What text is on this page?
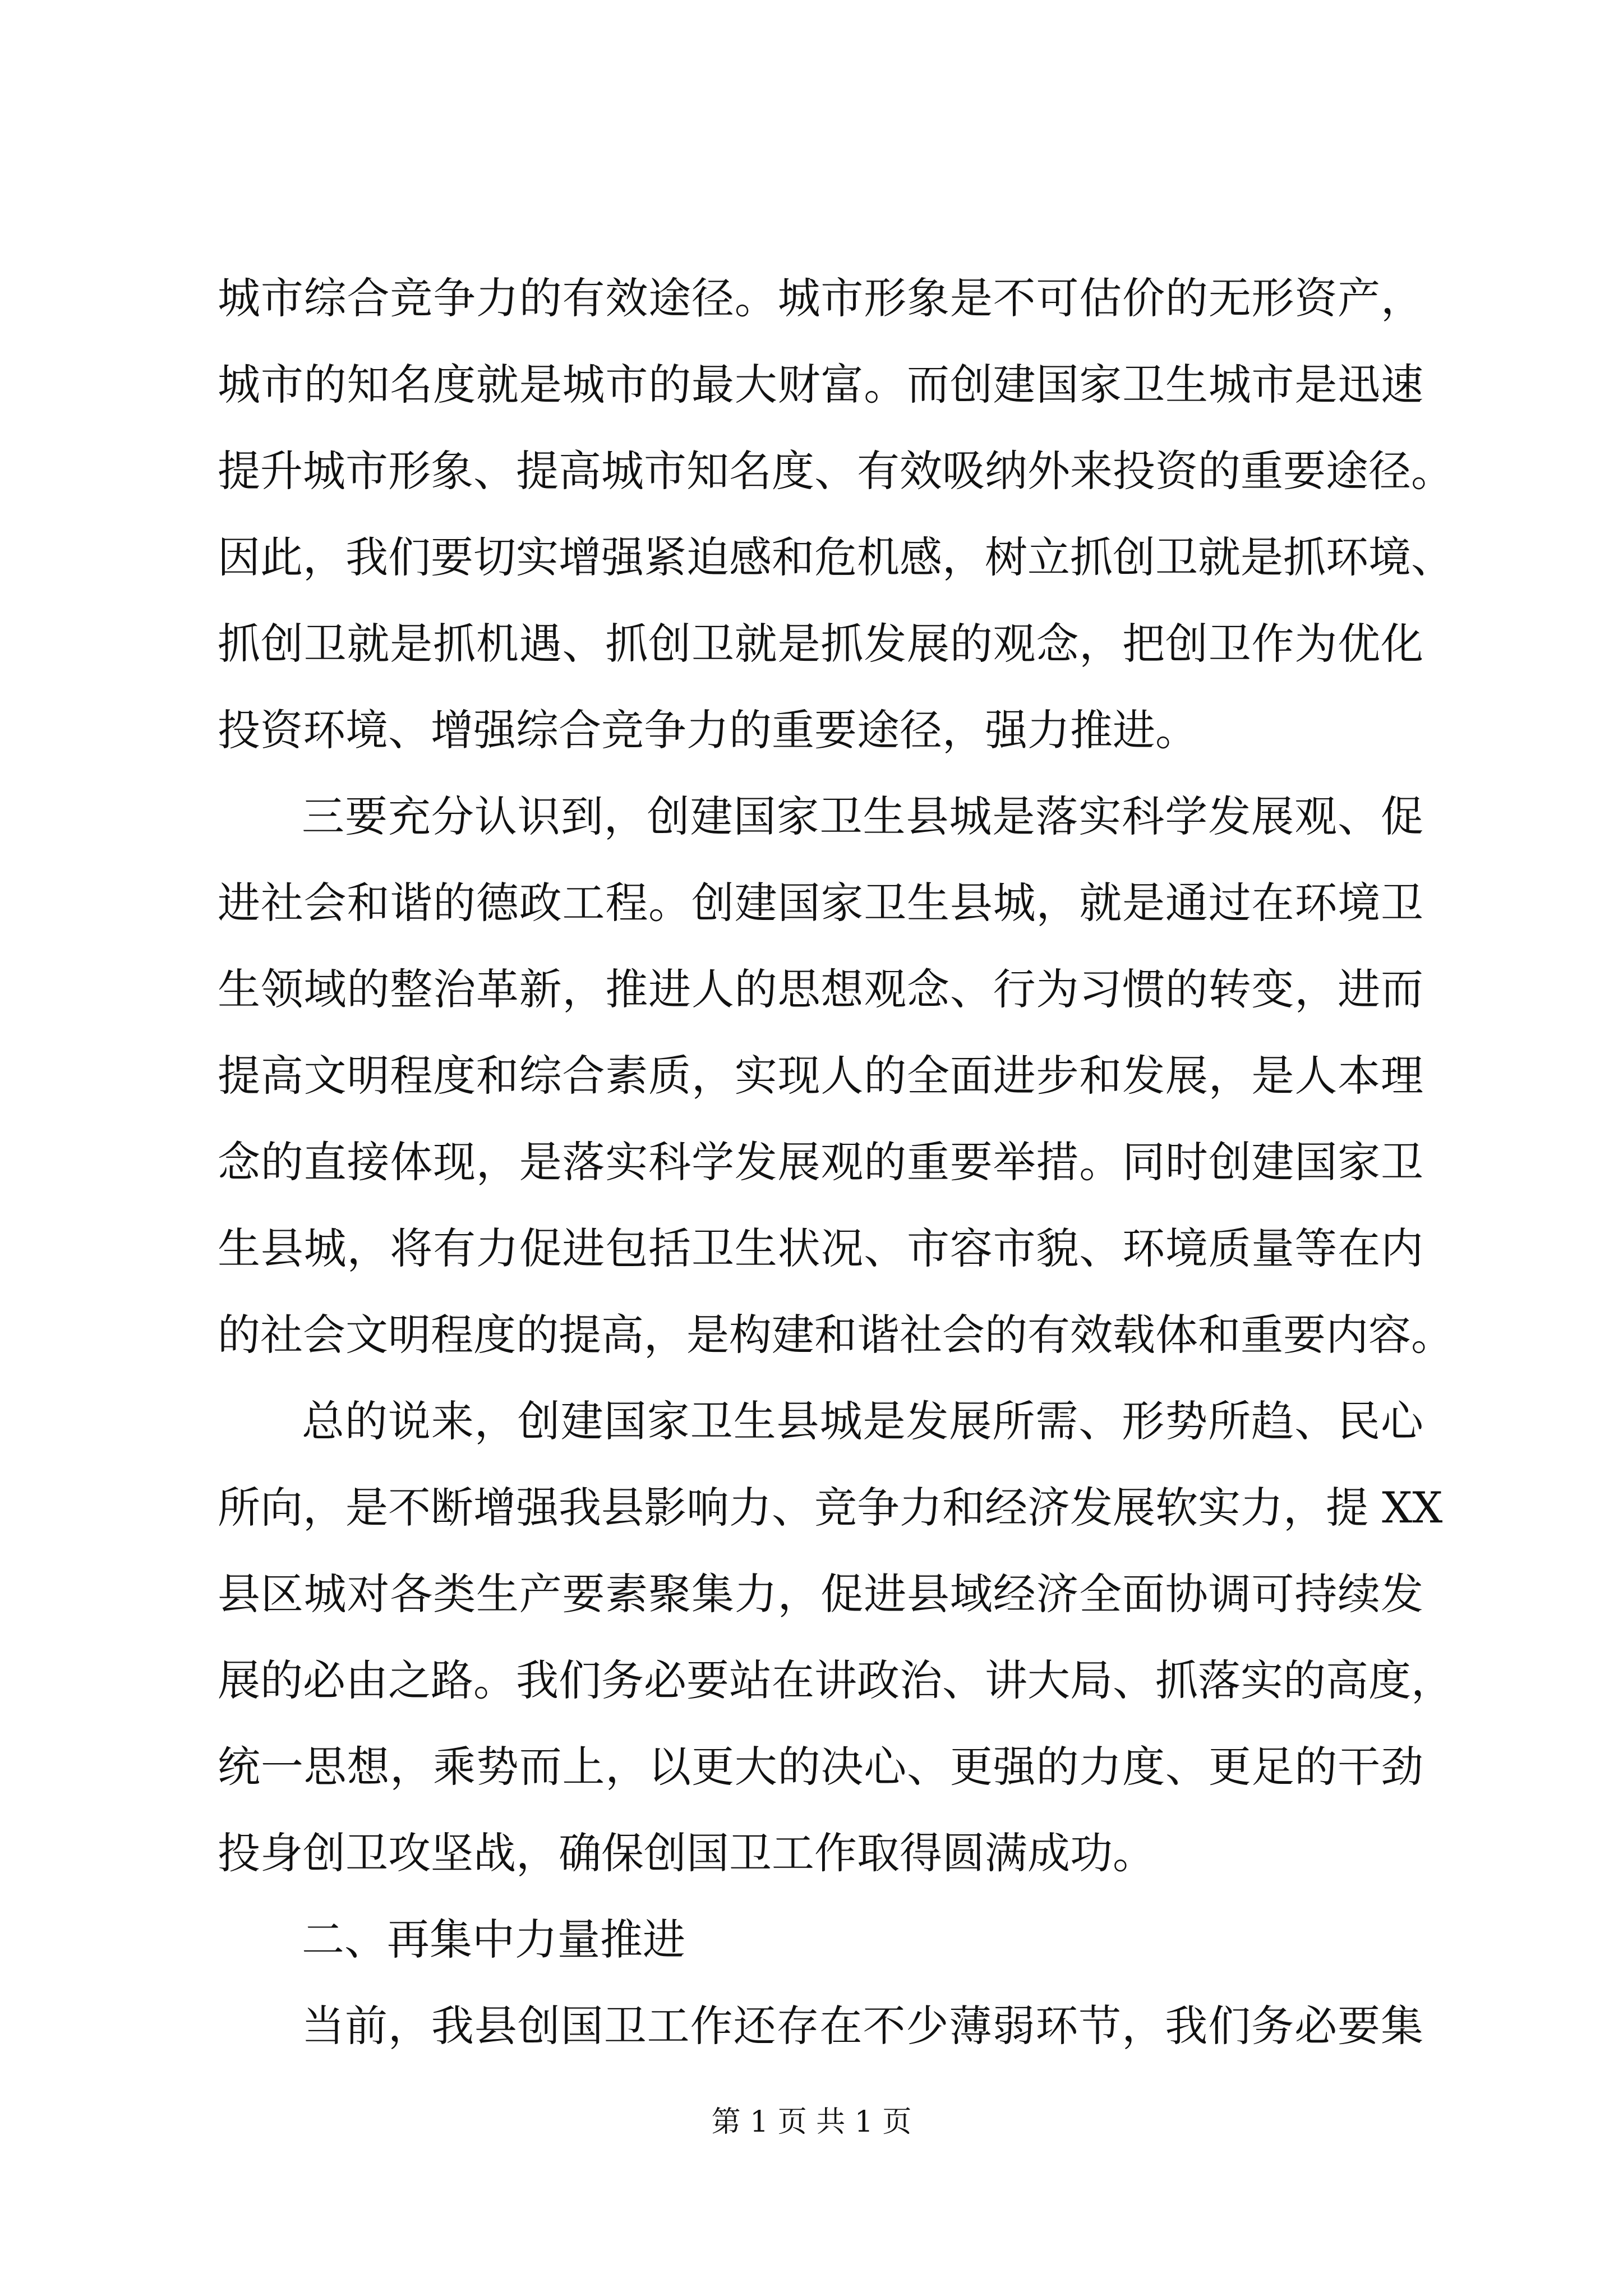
城市综合竞争力的有效途径。城市形象是不可估价的无形资产，
城市的知名度就是城市的最大财富。而创建国家卫生城市是迅速
提升城市形象、提高城市知名度、有效吸纳外来投资的重要途径。
因此，我们要切实增强紧迫感和危机感，树立抓创卫就是抓环境、
抓创卫就是抓机遇、抓创卫就是抓发展的观念，把创卫作为优化
投资环境、增强综合竞争力的重要途径，强力推进。
三要充分认识到，创建国家卫生县城是落实科学发展观、促
进社会和谐的德政工程。创建国家卫生县城，就是通过在环境卫
生领域的整治革新，推进人的思想观念、行为习惯的转变，进而
提高文明程度和综合素质，实现人的全面进步和发展，是人本理
念的直接体现，是落实科学发展观的重要举措。同时创建国家卫
生县城，将有力促进包括卫生状况、市容市貌、环境质量等在内
的社会文明程度的提高，是构建和谐社会的有效载体和重要内容。
总的说来，创建国家卫生县城是发展所需、形势所趋、民心
所向，是不断增强我县影响力、竞争力和经济发展软实力，提 XX
县区城对各类生产要素聚集力，促进县域经济全面协调可持续发
展的必由之路。我们务必要站在讲政治、讲大局、抓落实的高度，
统一思想，乘势而上，以更大的决心、更强的力度、更足的干劲
投身创卫攻坚战，确保创国卫工作取得圆满成功。
二、再集中力量推进
当前，我县创国卫工作还存在不少薄弱环节，我们务必要集
第 1 页 共 1 页
